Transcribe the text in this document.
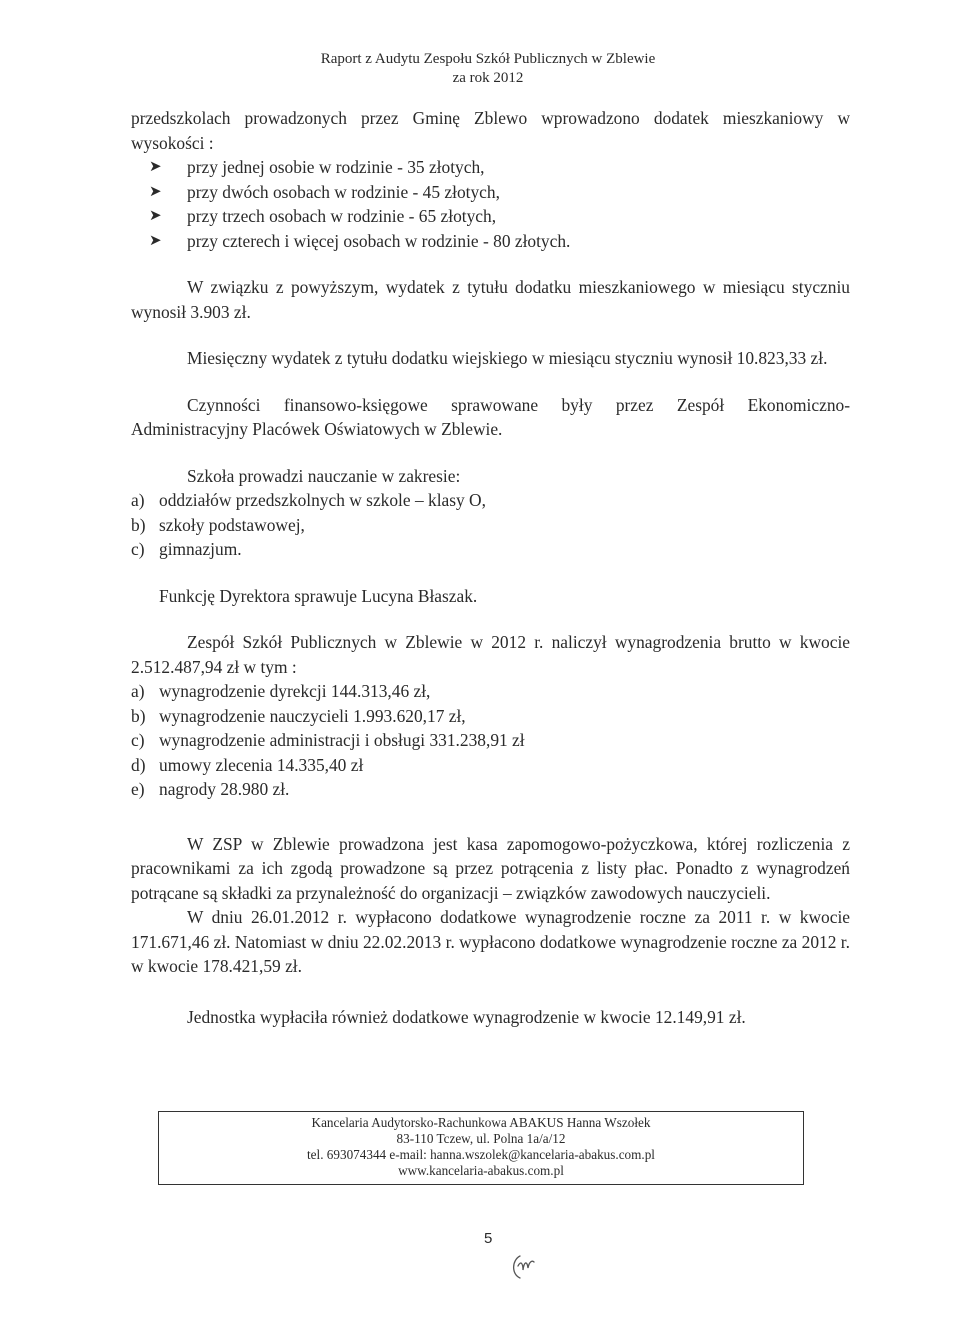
Raport z Audytu Zespołu Szkół Publicznych w Zblewie
za rok 2012

przedszkolach prowadzonych przez Gminę Zblewo wprowadzono dodatek mieszkaniowy w wysokości :

➤ przy jednej osobie w rodzinie - 35 złotych,
➤ przy dwóch osobach w rodzinie - 45 złotych,
➤ przy trzech osobach w rodzinie - 65 złotych,
➤ przy czterech i więcej osobach w rodzinie - 80 złotych.

W związku z powyższym, wydatek z tytułu dodatku mieszkaniowego w miesiącu styczniu wynosił 3.903 zł.

Miesięczny wydatek z tytułu dodatku wiejskiego w miesiącu styczniu wynosił 10.823,33 zł.

Czynności finansowo-księgowe sprawowane były przez Zespół Ekonomiczno-Administracyjny Placówek Oświatowych w Zblewie.

Szkoła prowadzi nauczanie w zakresie:

a) oddziałów przedszkolnych w szkole – klasy O,
b) szkoły podstawowej,
c) gimnazjum.

Funkcję Dyrektora sprawuje Lucyna Błaszak.

Zespół Szkół Publicznych w Zblewie w 2012 r. naliczył wynagrodzenia brutto w kwocie 2.512.487,94 zł w tym :

a) wynagrodzenie dyrekcji 144.313,46 zł,
b) wynagrodzenie nauczycieli 1.993.620,17 zł,
c) wynagrodzenie administracji i obsługi 331.238,91 zł
d) umowy zlecenia 14.335,40 zł
e) nagrody 28.980 zł.

W ZSP w Zblewie prowadzona jest kasa zapomogowo-pożyczkowa, której rozliczenia z pracownikami za ich zgodą prowadzone są przez potrącenia z listy płac. Ponadto z wynagrodzeń potrącane są składki za przynależność do organizacji – związków zawodowych nauczycieli.

W dniu 26.01.2012 r. wypłacono dodatkowe wynagrodzenie roczne za 2011 r. w kwocie 171.671,46 zł. Natomiast w dniu 22.02.2013 r. wypłacono dodatkowe wynagrodzenie roczne za 2012 r. w kwocie 178.421,59 zł.

Jednostka wypłaciła również dodatkowe wynagrodzenie w kwocie 12.149,91 zł.

Kancelaria Audytorsko-Rachunkowa ABAKUS Hanna Wszołek
83-110 Tczew, ul. Polna 1a/a/12
tel. 693074344 e-mail: hanna.wszolek@kancelaria-abakus.com.pl
www.kancelaria-abakus.com.pl
5
